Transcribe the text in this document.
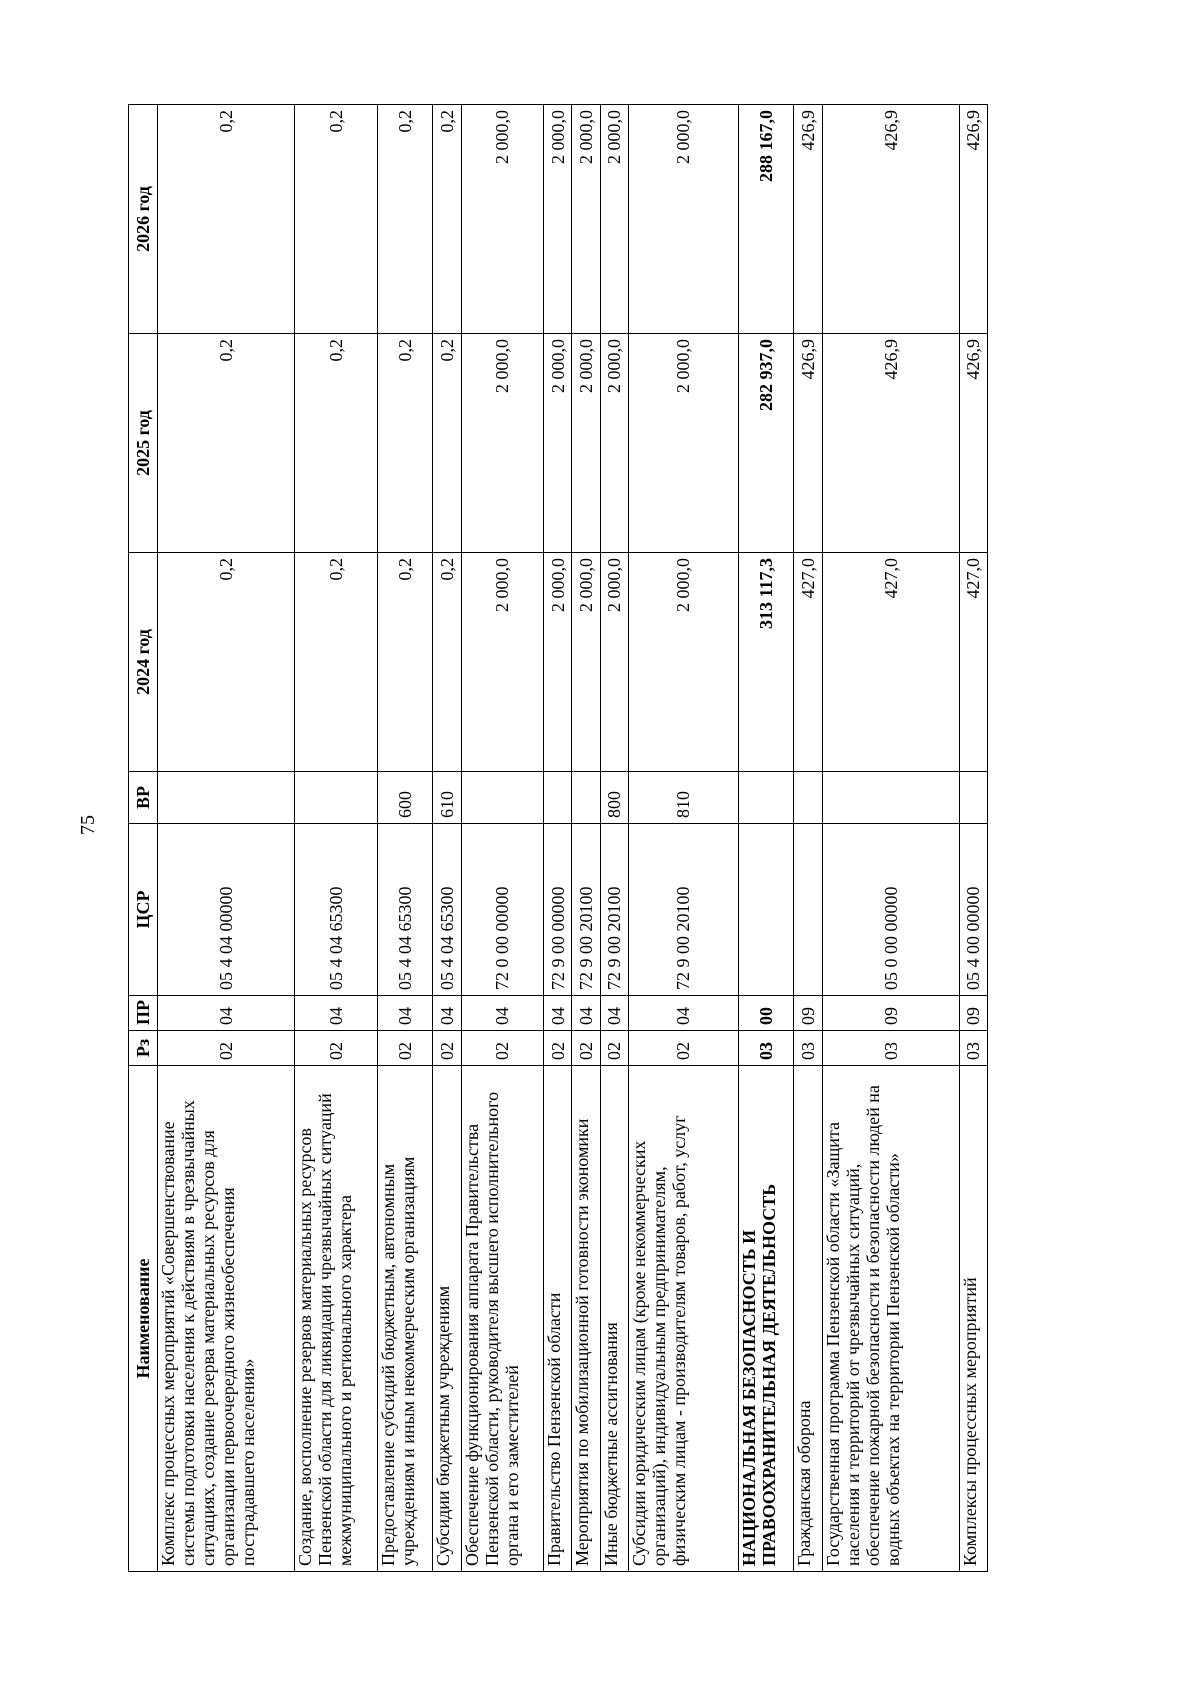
75
Наименование	Рз	ПР	ЦСР	ВР	2024 год	2025 год	2026 год
Комплекс процессных мероприятий «Совершенствование системы подготовки населения к действиям в чрезвычайных ситуациях, создание резерва материальных ресурсов для организации первоочередного жизнеобеспечения пострадавшего населения»	02	04	05 4 04 00000		0,2	0,2	0,2
Создание, восполнение резервов материальных ресурсов Пензенской области для ликвидации чрезвычайных ситуаций межмуниципального и регионального характера	02	04	05 4 04 65300		0,2	0,2	0,2
Предоставление субсидий бюджетным, автономным учреждениям и иным некоммерческим организациям	02	04	05 4 04 65300	600	0,2	0,2	0,2
Субсидии бюджетным учреждениям	02	04	05 4 04 65300	610	0,2	0,2	0,2
Обеспечение функционирования аппарата Правительства Пензенской области, руководителя высшего исполнительного органа и его заместителей	02	04	72 0 00 00000		2 000,0	2 000,0	2 000,0
Правительство Пензенской области	02	04	72 9 00 00000		2 000,0	2 000,0	2 000,0
Мероприятия по мобилизационной готовности экономики	02	04	72 9 00 20100		2 000,0	2 000,0	2 000,0
Иные бюджетные ассигнования	02	04	72 9 00 20100	800	2 000,0	2 000,0	2 000,0
Субсидии юридическим лицам (кроме некоммерческих организаций), индивидуальным предпринимателям, физическим лицам - производителям товаров, работ, услуг	02	04	72 9 00 20100	810	2 000,0	2 000,0	2 000,0
НАЦИОНАЛЬНАЯ БЕЗОПАСНОСТЬ И ПРАВООХРАНИТЕЛЬНАЯ ДЕЯТЕЛЬНОСТЬ	03	00			313 117,3	282 937,0	288 167,0
Гражданская оборона	03	09			427,0	426,9	426,9
Государственная программа Пензенской области «Защита населения и территорий от чрезвычайных ситуаций, обеспечение пожарной безопасности и безопасности людей на водных объектах на территории Пензенской области»	03	09	05 0 00 00000		427,0	426,9	426,9
Комплексы процессных мероприятий	03	09	05 4 00 00000		427,0	426,9	426,9
